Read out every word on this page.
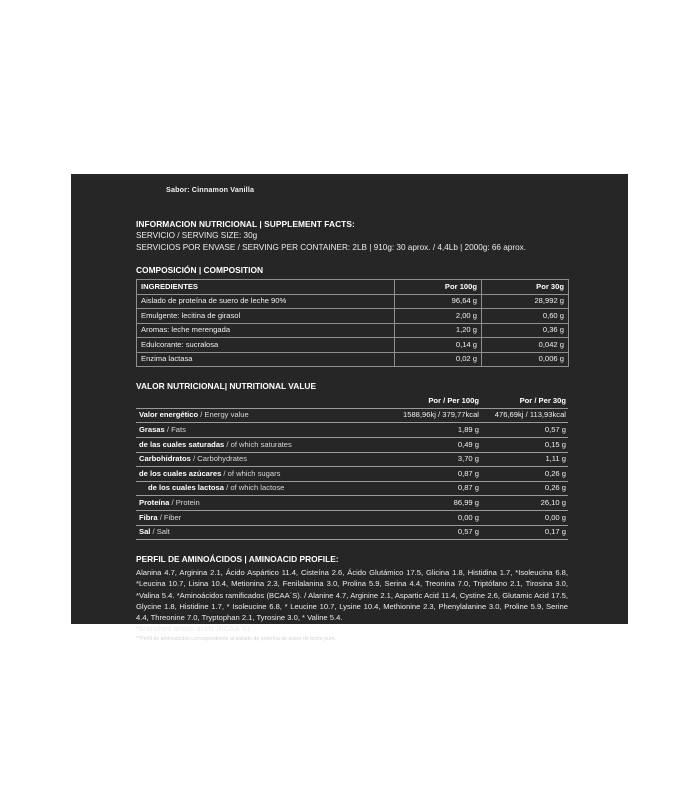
Sabor: Cinnamon Vanilla

INFORMACION NUTRICIONAL | SUPPLEMENT FACTS:

SERVICIO / SERVING SIZE: 30g

SERVICIOS POR ENVASE / SERVING PER CONTAINER: 2LB | 910g: 30 aprox. / 4,4Lb | 2000g: 66 aprox.

COMPOSICIÓN | COMPOSITION

INGREDIENTES	Por 100g	Por 30g
Aislado de proteína de suero de leche 90%	96,64 g	28,992 g
Emulgente: lecitina de girasol	2,00 g	0,60 g
Aromas: leche merengada	1,20 g	0,36 g
Edulcorante: sucralosa	0,14 g	0,042 g
Enzima lactasa	0,02 g	0,006 g

VALOR NUTRICIONAL| NUTRITIONAL VALUE

	Por / Per 100g	Por / Per 30g
Valor energético / Energy value	1588,96kj / 379,77kcal	476,69kj / 113,93kcal
Grasas / Fats	1,89 g	0,57 g
de las cuales saturadas / of which saturates	0,49 g	0,15 g
Carbohidratos / Carbohydrates	3,70 g	1,11 g
de los cuales azúcares / of which sugars	0,87 g	0,26 g
de los cuales lactosa / of which lactose	0,87 g	0,26 g
Proteína / Protein	86,99 g	26,10 g
Fibra / Fiber	0,00 g	0,00 g
Sal / Salt	0,57 g	0,17 g

PERFIL DE AMINOÁCIDOS | AMINOACID PROFILE:

Alanina 4.7, Arginina 2.1, Ácido Aspártico 11.4, Cisteína 2.6, Ácido Glutámico 17.5, Glicina 1.8, Histidina 1.7, *Isoleucina 6.8, *Leucina 10.7, Lisina 10.4, Metionina 2.3, Fenilalanina 3.0, Prolina 5.9, Serina 4.4, Treonina 7.0, Triptófano 2.1, Tirosina 3.0, *Valina 5.4. *Aminoácidos ramificados (BCAA´S). / Alanine 4.7, Arginine 2.1, Aspartic Acid 11.4, Cystine 2.6, Glutamic Acid 17.5, Glycine 1.8, Histidine 1.7, * Isoleucine 6.8, * Leucine 10.7, Lysine 10.4, Methionine 2.3, Phenylalanine 3.0, Proline 5.9, Serine 4.4, Threonine 7.0, Tryptophan 2.1, Tyrosine 3.0, * Valine 5.4.

*Branched amino acids (BCAA´S).

**Perfil de aminoácidos correspondiente al aislado de proteína de suero de leche puro.
